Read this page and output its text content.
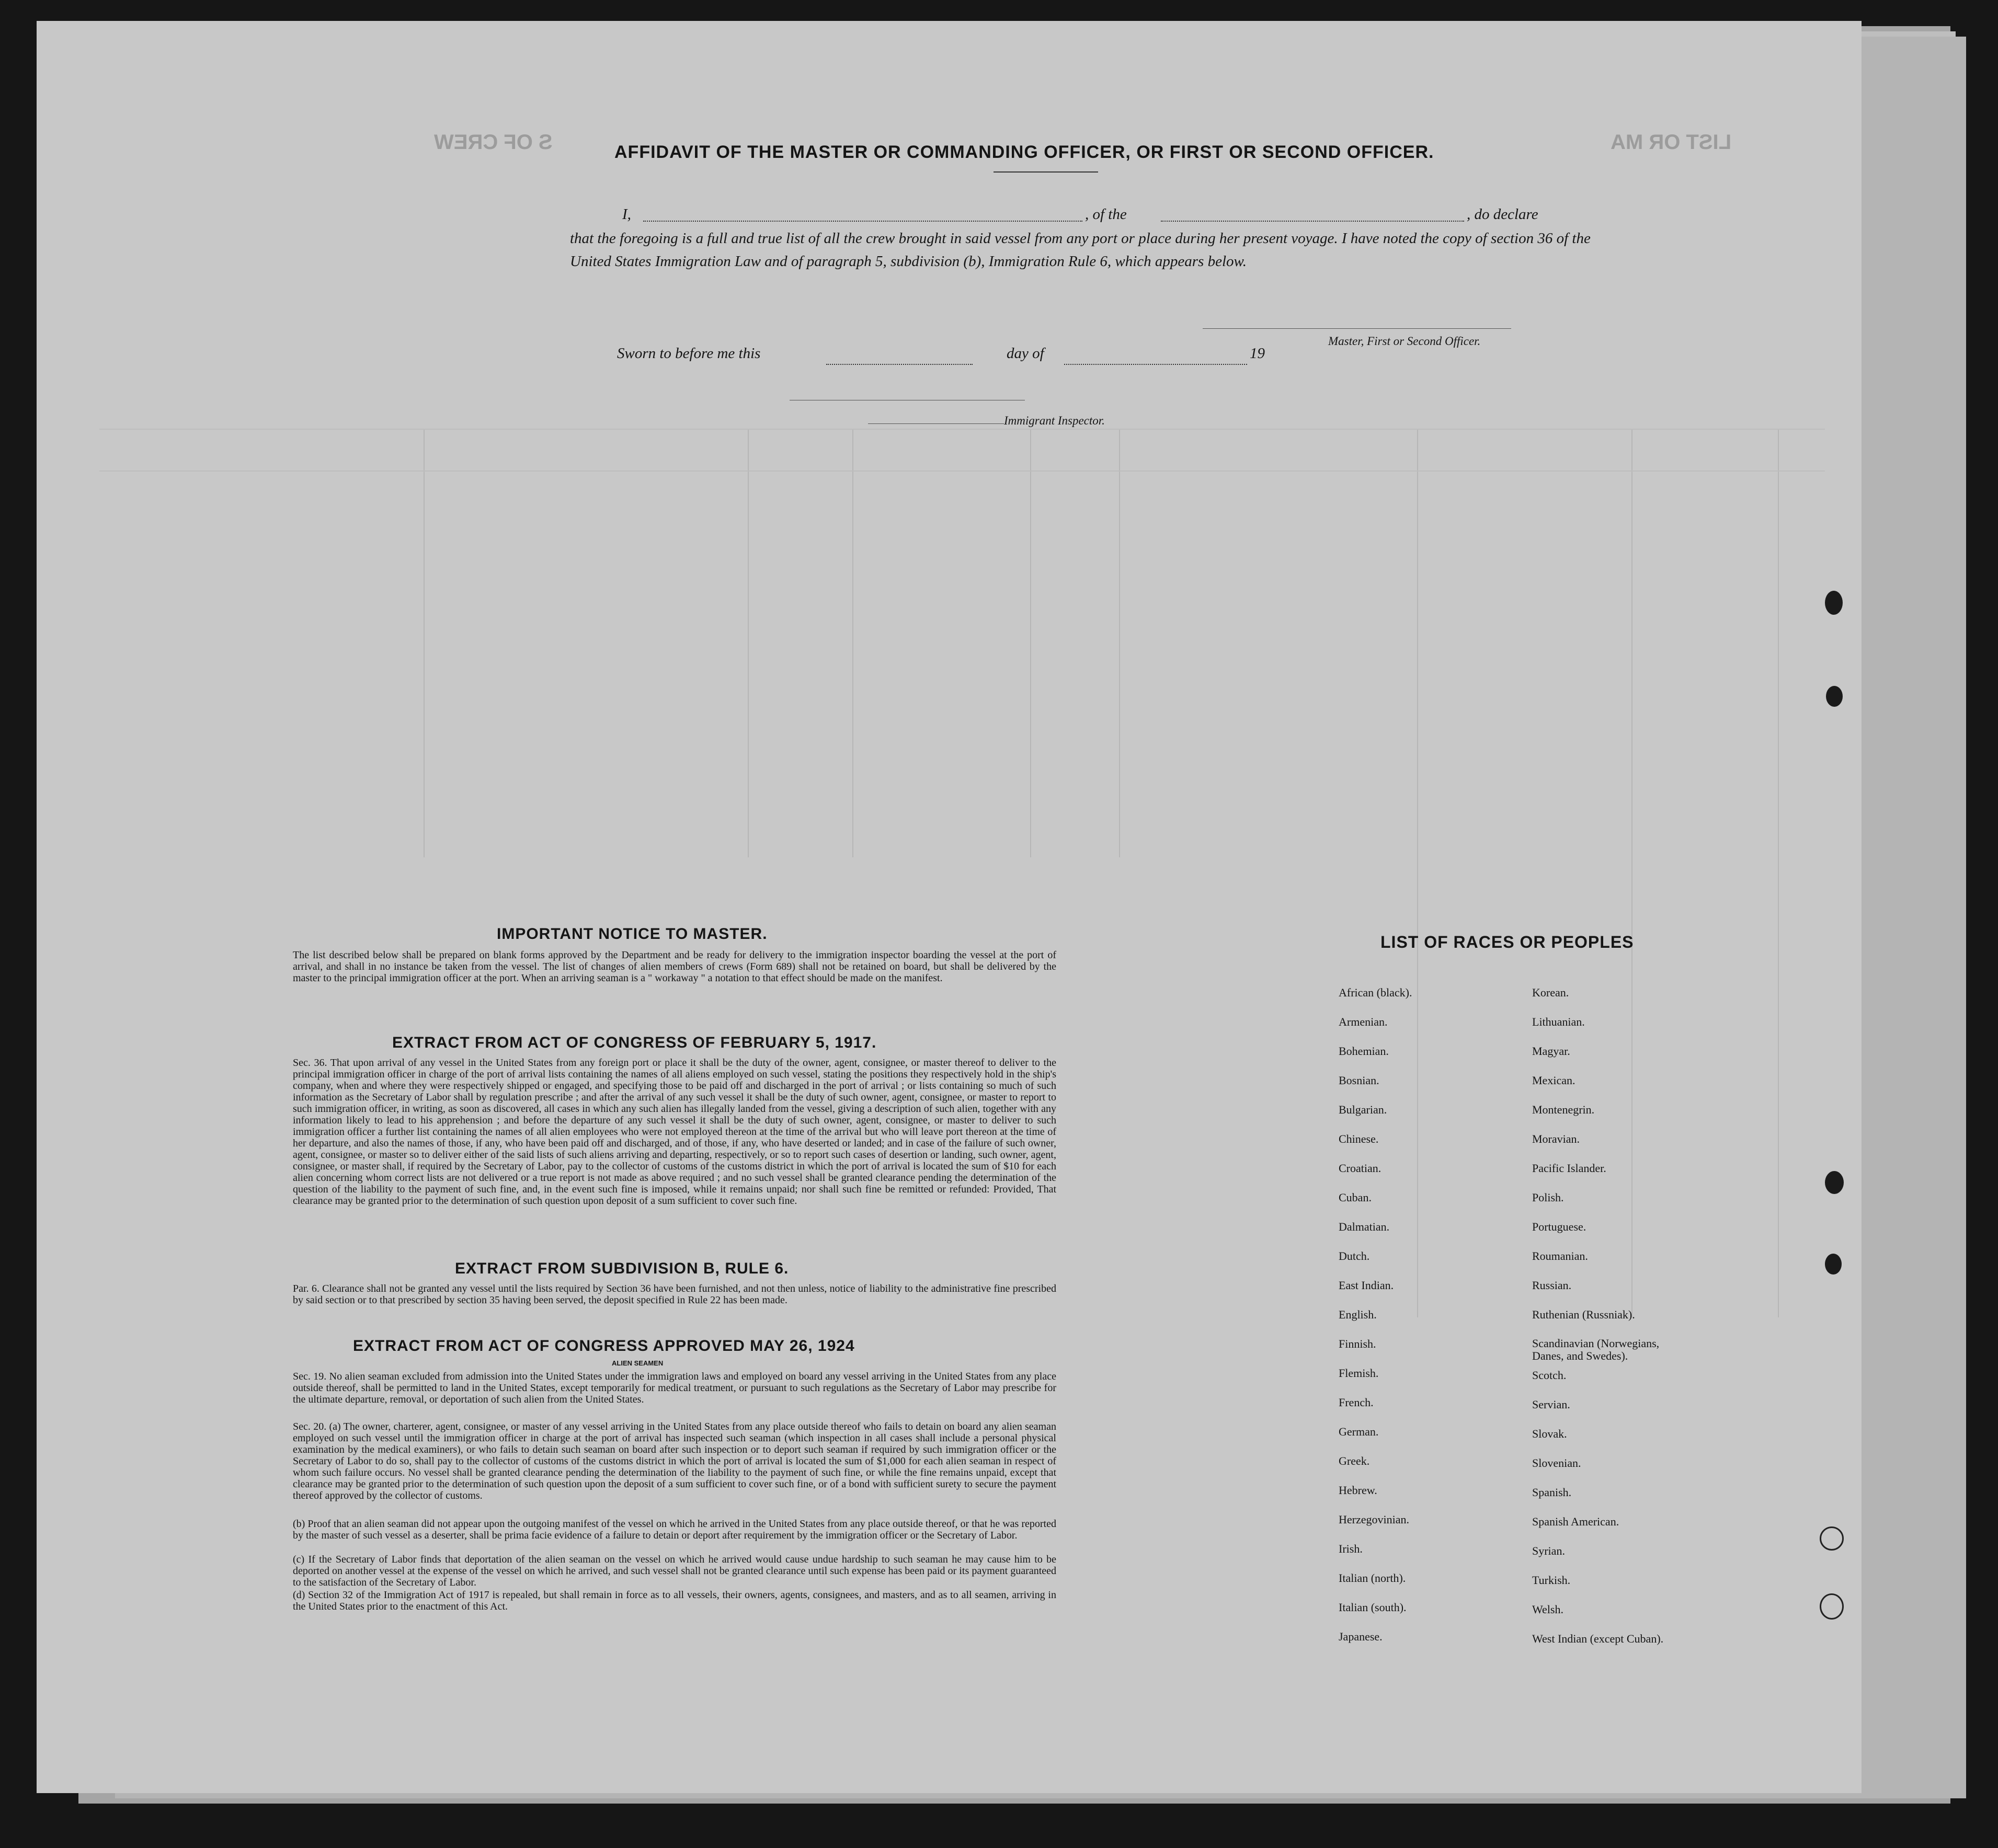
LIST OR MA
S OF CREW	AFFIDAVIT OF THE MASTER OR COMMANDING OFFICER, OR FIRST OR SECOND OFFICER.
I,	, of the	, do declare
that the foregoing is a full and true list of all the crew brought in said vessel from any port or place during her present voyage. I have noted the copy of section 36 of the United States Immigration Law and of paragraph 5, subdivision (b), Immigration Rule 6, which appears below.
Master, First or Second Officer.
Sworn to before me this	day of	19
Immigrant Inspector.
IMPORTANT NOTICE TO MASTER.
The list described below shall be prepared on blank forms approved by the Department and be ready for delivery to the immigration inspector boarding the vessel at the port of arrival, and shall in no instance be taken from the vessel. The list of changes of alien members of crews (Form 689) shall not be retained on board, but shall be delivered by the master to the principal immigration officer at the port. When an arriving seaman is a " workaway " a notation to that effect should be made on the manifest.
EXTRACT FROM ACT OF CONGRESS OF FEBRUARY 5, 1917.
Sec. 36. That upon arrival of any vessel in the United States from any foreign port or place it shall be the duty of the owner, agent, consignee, or master thereof to deliver to the principal immigration officer in charge of the port of arrival lists containing the names of all aliens employed on such vessel, stating the positions they respectively hold in the ship's company, when and where they were respectively shipped or engaged, and specifying those to be paid off and discharged in the port of arrival ; or lists containing so much of such information as the Secretary of Labor shall by regulation prescribe ; and after the arrival of any such vessel it shall be the duty of such owner, agent, consignee, or master to report to such immigration officer, in writing, as soon as discovered, all cases in which any such alien has illegally landed from the vessel, giving a description of such alien, together with any information likely to lead to his apprehension ; and before the departure of any such vessel it shall be the duty of such owner, agent, consignee, or master to deliver to such immigration officer a further list containing the names of all alien employees who were not employed thereon at the time of the arrival but who will leave port thereon at the time of her departure, and also the names of those, if any, who have been paid off and discharged, and of those, if any, who have deserted or landed; and in case of the failure of such owner, agent, consignee, or master so to deliver either of the said lists of such aliens arriving and departing, respectively, or so to report such cases of desertion or landing, such owner, agent, consignee, or master shall, if required by the Secretary of Labor, pay to the collector of customs of the customs district in which the port of arrival is located the sum of $10 for each alien concerning whom correct lists are not delivered or a true report is not made as above required ; and no such vessel shall be granted clearance pending the determination of the question of the liability to the payment of such fine, and, in the event such fine is imposed, while it remains unpaid; nor shall such fine be remitted or refunded: Provided, That clearance may be granted prior to the determination of such question upon deposit of a sum sufficient to cover such fine.
EXTRACT FROM SUBDIVISION B, RULE 6.
Par. 6. Clearance shall not be granted any vessel until the lists required by Section 36 have been furnished, and not then unless, notice of liability to the administrative fine prescribed by said section or to that prescribed by section 35 having been served, the deposit specified in Rule 22 has been made.
EXTRACT FROM ACT OF CONGRESS APPROVED MAY 26, 1924
ALIEN SEAMEN
Sec. 19. No alien seaman excluded from admission into the United States under the immigration laws and employed on board any vessel arriving in the United States from any place outside thereof, shall be permitted to land in the United States, except temporarily for medical treatment, or pursuant to such regulations as the Secretary of Labor may prescribe for the ultimate departure, removal, or deportation of such alien from the United States.
Sec. 20. (a) The owner, charterer, agent, consignee, or master of any vessel arriving in the United States from any place outside thereof who fails to detain on board any alien seaman employed on such vessel until the immigration officer in charge at the port of arrival has inspected such seaman (which inspection in all cases shall include a personal physical examination by the medical examiners), or who fails to detain such seaman on board after such inspection or to deport such seaman if required by such immigration officer or the Secretary of Labor to do so, shall pay to the collector of customs of the customs district in which the port of arrival is located the sum of $1,000 for each alien seaman in respect of whom such failure occurs. No vessel shall be granted clearance pending the determination of the liability to the payment of such fine, or while the fine remains unpaid, except that clearance may be granted prior to the determination of such question upon the deposit of a sum sufficient to cover such fine, or of a bond with sufficient surety to secure the payment thereof approved by the collector of customs.
(b) Proof that an alien seaman did not appear upon the outgoing manifest of the vessel on which he arrived in the United States from any place outside thereof, or that he was reported by the master of such vessel as a deserter, shall be prima facie evidence of a failure to detain or deport after requirement by the immigration officer or the Secretary of Labor.
(c) If the Secretary of Labor finds that deportation of the alien seaman on the vessel on which he arrived would cause undue hardship to such seaman he may cause him to be deported on another vessel at the expense of the vessel on which he arrived, and such vessel shall not be granted clearance until such expense has been paid or its payment guaranteed to the satisfaction of the Secretary of Labor.
(d) Section 32 of the Immigration Act of 1917 is repealed, but shall remain in force as to all vessels, their owners, agents, consignees, and masters, and as to all seamen, arriving in the United States prior to the enactment of this Act.
LIST OF RACES OR PEOPLES
African (black).
Armenian.
Bohemian.
Bosnian.
Bulgarian.
Chinese.
Croatian.
Cuban.
Dalmatian.
Dutch.
East Indian.
English.
Finnish.
Flemish.
French.
German.
Greek.
Hebrew.
Herzegovinian.
Irish.
Italian (north).
Italian (south).
Japanese.
Korean.
Lithuanian.
Magyar.
Mexican.
Montenegrin.
Moravian.
Pacific Islander.
Polish.
Portuguese.
Roumanian.
Russian.
Ruthenian (Russniak).
Scandinavian (Norwegians, Danes, and Swedes).
Scotch.
Servian.
Slovak.
Slovenian.
Spanish.
Spanish American.
Syrian.
Turkish.
Welsh.
West Indian (except Cuban).
